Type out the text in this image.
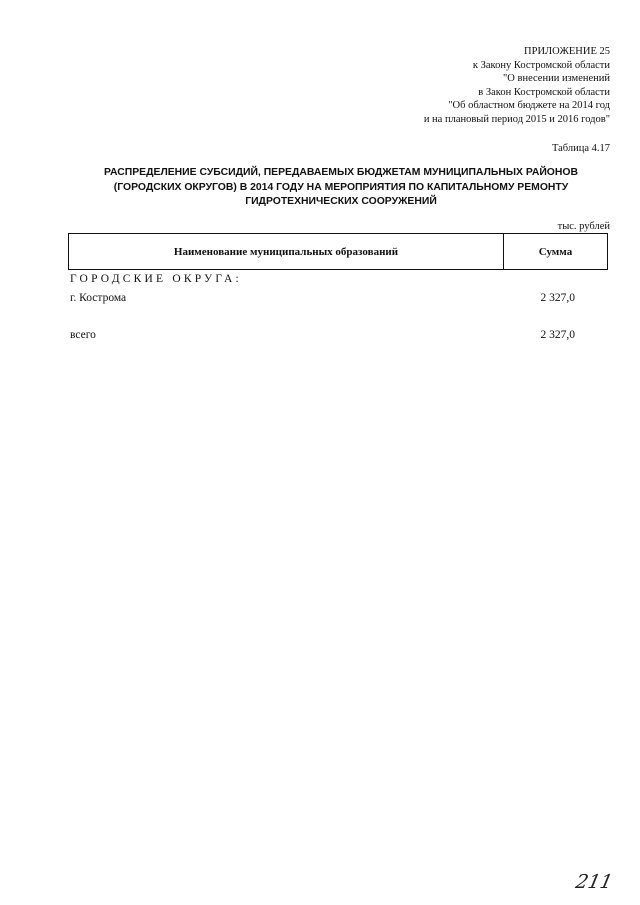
ПРИЛОЖЕНИЕ 25
к Закону Костромской области
"О внесении изменений
в Закон Костромской области
"Об областном бюджете на 2014 год
и на плановый период 2015 и 2016 годов"
Таблица 4.17
РАСПРЕДЕЛЕНИЕ СУБСИДИЙ, ПЕРЕДАВАЕМЫХ БЮДЖЕТАМ МУНИЦИПАЛЬНЫХ РАЙОНОВ
(ГОРОДСКИХ ОКРУГОВ) В 2014 ГОДУ НА МЕРОПРИЯТИЯ ПО КАПИТАЛЬНОМУ РЕМОНТУ
ГИДРОТЕХНИЧЕСКИХ СООРУЖЕНИЙ
тыс. рублей
Наименование муниципальных образований	Сумма
ГОРОДСКИЕ ОКРУГА:
г. Кострома	2 327,0
всего	2 327,0
211
